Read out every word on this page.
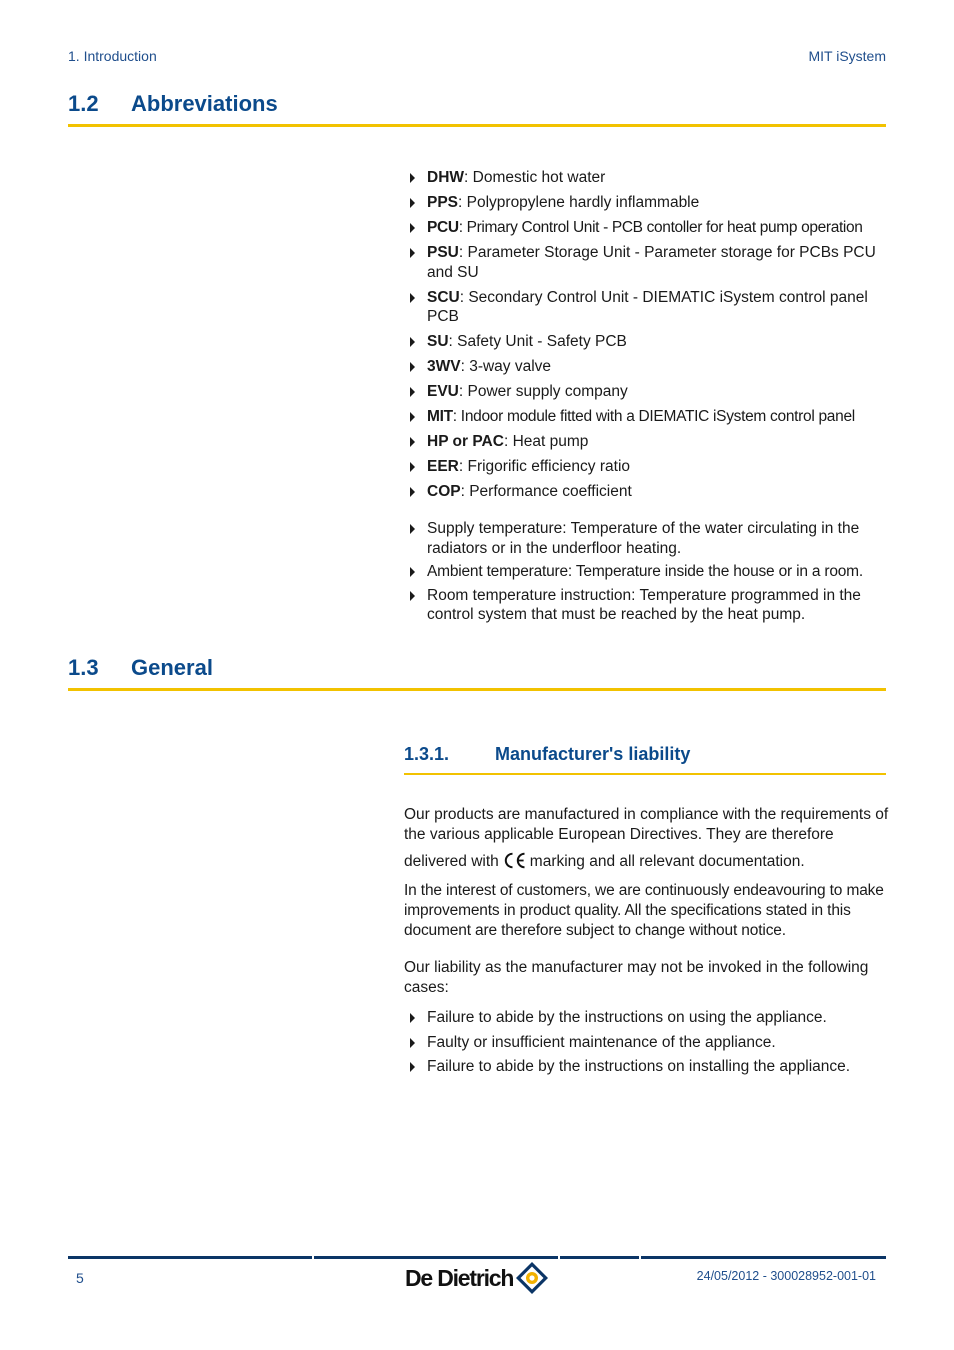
1. Introduction	MIT iSystem
1.2 Abbreviations
DHW: Domestic hot water
PPS: Polypropylene hardly inflammable
PCU: Primary Control Unit - PCB contoller for heat pump operation
PSU: Parameter Storage Unit - Parameter storage for PCBs PCU and SU
SCU: Secondary Control Unit - DIEMATIC iSystem control panel PCB
SU: Safety Unit - Safety PCB
3WV: 3-way valve
EVU: Power supply company
MIT: Indoor module fitted with a DIEMATIC iSystem control panel
HP or PAC: Heat pump
EER: Frigorific efficiency ratio
COP: Performance coefficient
Supply temperature: Temperature of the water circulating in the radiators or in the underfloor heating.
Ambient temperature: Temperature inside the house or in a room.
Room temperature instruction: Temperature programmed in the control system that must be reached by the heat pump.
1.3 General
1.3.1.	Manufacturer's liability

Our products are manufactured in compliance with the requirements of the various applicable European Directives. They are therefore

delivered with marking and all relevant documentation.

In the interest of customers, we are continuously endeavouring to make improvements in product quality. All the specifications stated in this document are therefore subject to change without notice.

Our liability as the manufacturer may not be invoked in the following cases:

Failure to abide by the instructions on using the appliance.
Faulty or insufficient maintenance of the appliance.
Failure to abide by the instructions on installing the appliance.
5	De Dietrich	24/05/2012 - 300028952-001-01
